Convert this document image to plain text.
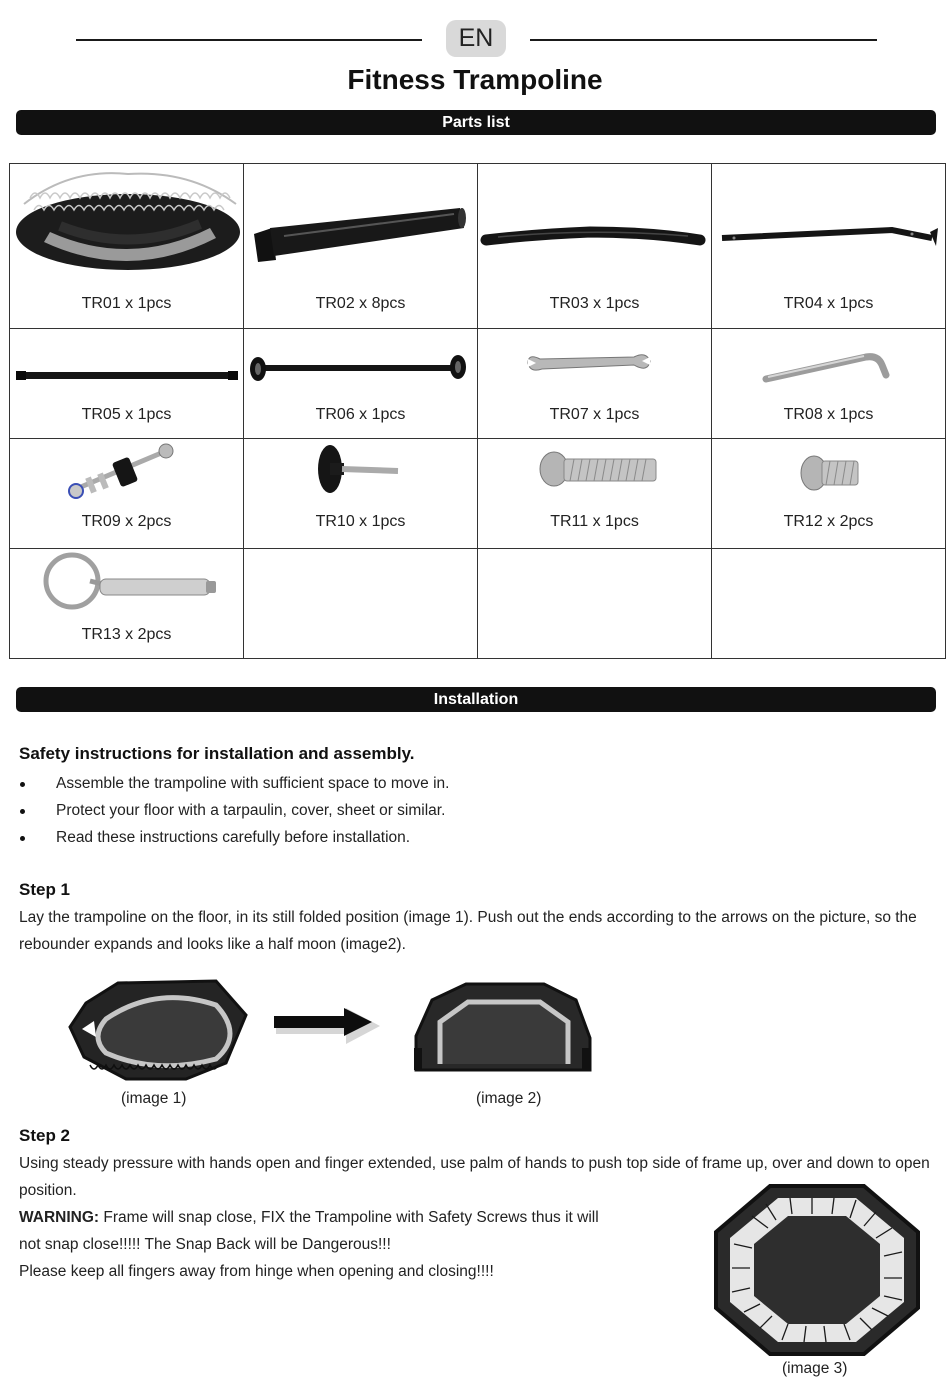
EN
Fitness Trampoline
Parts list
TR01 x 1pcs	TR02 x 8pcs	TR03 x 1pcs	TR04 x 1pcs

TR05 x 1pcs	TR06 x 1pcs	TR07 x 1pcs	TR08 x 1pcs

TR09 x 2pcs	TR10 x 1pcs	TR11 x 1pcs	TR12 x 2pcs

TR13 x 2pcs			

Installation
Safety instructions for installation and assembly.
Assemble the trampoline with sufficient space to move in.
Protect your floor with a tarpaulin, cover, sheet or similar.
Read these instructions carefully before installation.
Step 1
Lay the trampoline on the floor, in its still folded position (image 1). Push out the ends according to the arrows on the picture, so the
rebounder expands and looks like a half moon (image2).
(image 1)	(image 2)
Step 2
Using steady pressure with hands open and finger extended, use palm of hands to push top side of frame up, over and down to open
position.
WARNING: Frame will snap close, FIX the Trampoline with Safety Screws thus it will
not snap close!!!!! The Snap Back will be Dangerous!!!
Please keep all fingers away from hinge when opening and closing!!!!
(image 3)
